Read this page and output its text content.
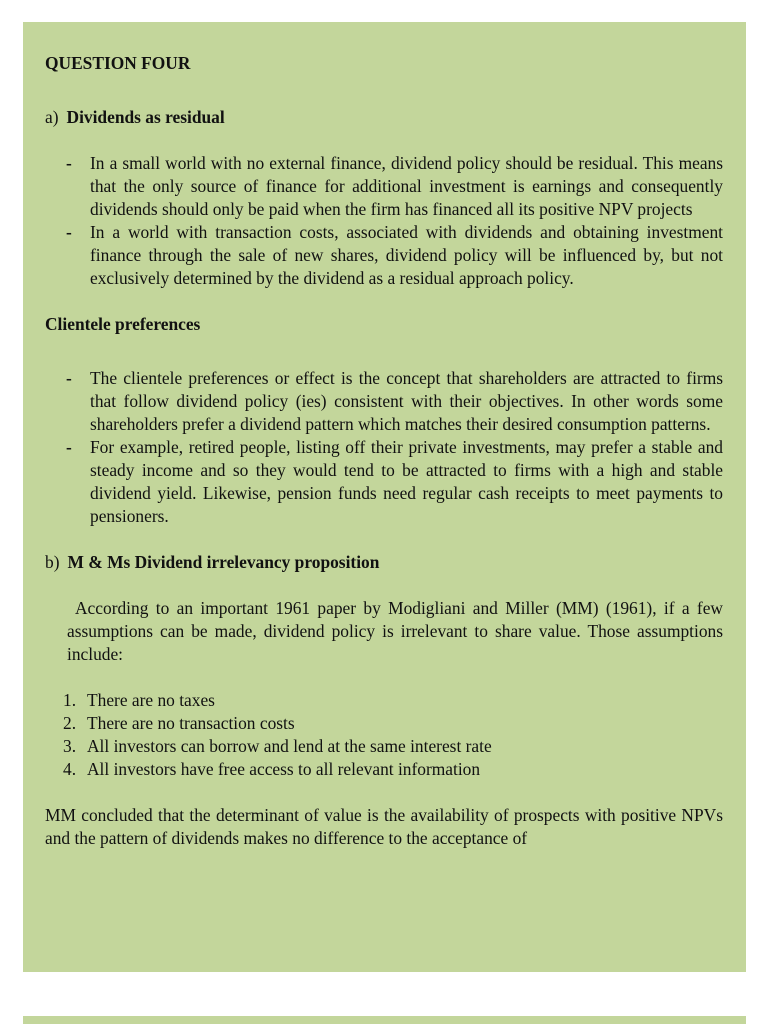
QUESTION FOUR

a) Dividends as residual

- In a small world with no external finance, dividend policy should be residual. This means that the only source of finance for additional investment is earnings and consequently dividends should only be paid when the firm has financed all its positive NPV projects
- In a world with transaction costs, associated with dividends and obtaining investment finance through the sale of new shares, dividend policy will be influenced by, but not exclusively determined by the dividend as a residual approach policy.

Clientele preferences

- The clientele preferences or effect is the concept that shareholders are attracted to firms that follow dividend policy (ies) consistent with their objectives. In other words some shareholders prefer a dividend pattern which matches their desired consumption patterns.
- For example, retired people, listing off their private investments, may prefer a stable and steady income and so they would tend to be attracted to firms with a high and stable dividend yield. Likewise, pension funds need regular cash receipts to meet payments to pensioners.

b) M & Ms Dividend irrelevancy proposition

According to an important 1961 paper by Modigliani and Miller (MM) (1961), if a few assumptions can be made, dividend policy is irrelevant to share value. Those assumptions include:

1. There are no taxes
2. There are no transaction costs
3. All investors can borrow and lend at the same interest rate
4. All investors have free access to all relevant information

MM concluded that the determinant of value is the availability of prospects with positive NPVs and the pattern of dividends makes no difference to the acceptance of
